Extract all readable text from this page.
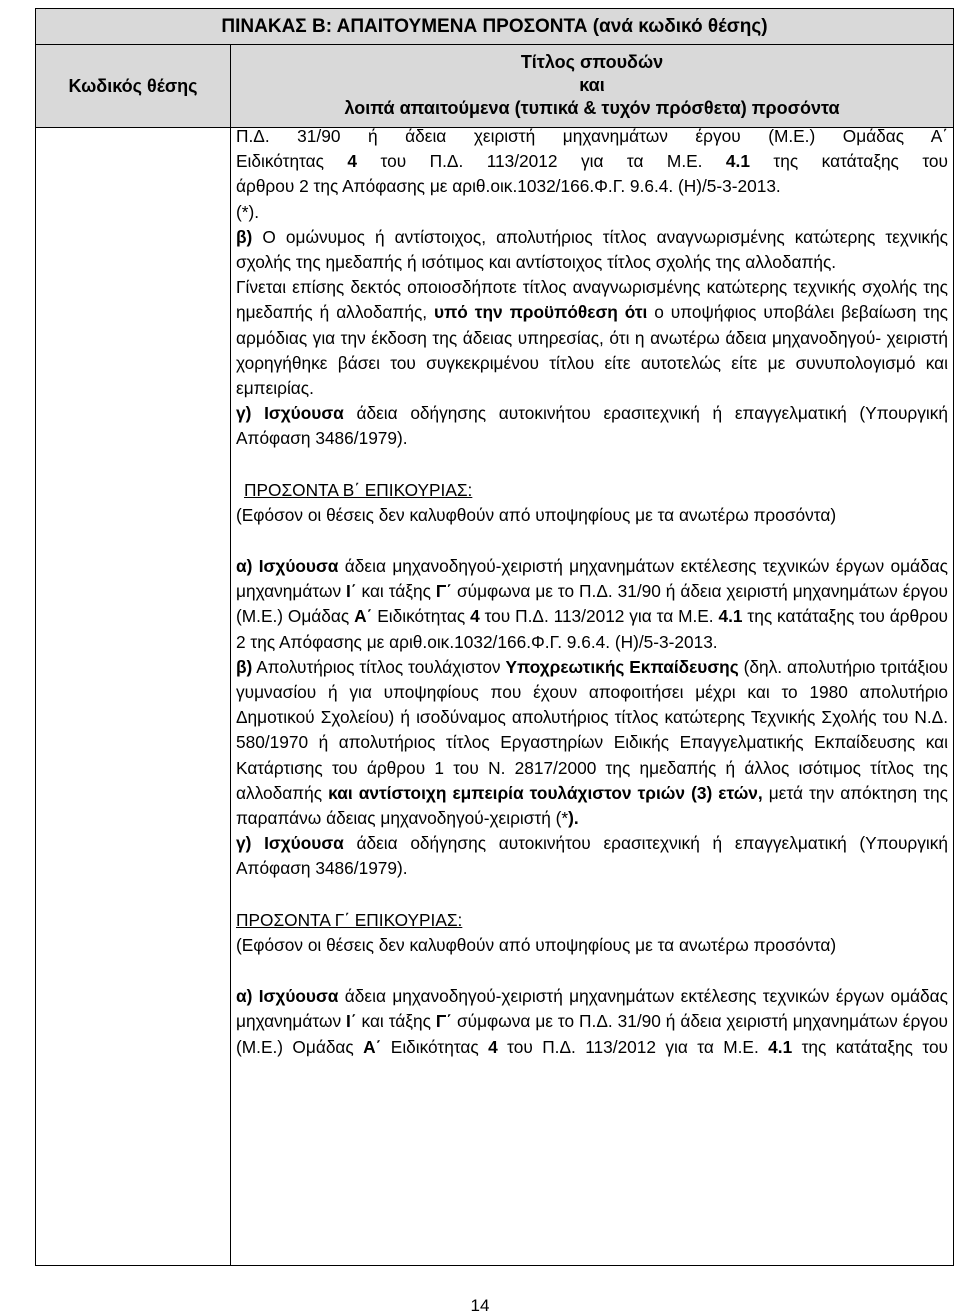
ΠΙΝΑΚΑΣ Β: ΑΠΑΙΤΟΥΜΕΝΑ ΠΡΟΣΟΝΤΑ (ανά κωδικό θέσης)
Κωδικός θέσης
Τίτλος σπουδών
και
λοιπά απαιτούμενα (τυπικά & τυχόν πρόσθετα) προσόντα

Π.Δ. 31/90 ή άδεια χειριστή μηχανημάτων έργου (Μ.Ε.) Ομάδας Α΄

Ειδικότητας 4 του Π.Δ. 113/2012 για τα Μ.Ε. 4.1 της κατάταξης του

άρθρου 2 της Απόφασης με αριθ.οικ.1032/166.Φ.Γ. 9.6.4. (Η)/5-3-2013.

(*).

β) Ο ομώνυμος ή αντίστοιχος, απολυτήριος τίτλος αναγνωρισμένης κατώτερης τεχνικής σχολής της ημεδαπής ή ισότιμος και αντίστοιχος τίτλος σχολής της αλλοδαπής.

Γίνεται επίσης δεκτός οποιοσδήποτε τίτλος αναγνωρισμένης κατώτερης τεχνικής σχολής της ημεδαπής ή αλλοδαπής, υπό την προϋπόθεση ότι ο υποψήφιος υποβάλει βεβαίωση της αρμόδιας για την έκδοση της άδειας υπηρεσίας, ότι η ανωτέρω άδεια μηχανοδηγού- χειριστή χορηγήθηκε βάσει του συγκεκριμένου τίτλου είτε αυτοτελώς είτε με συνυπολογισμό και εμπειρίας.

γ) Ισχύουσα άδεια οδήγησης αυτοκινήτου ερασιτεχνική ή επαγγελματική (Υπουργική Απόφαση 3486/1979).

ΠΡΟΣΟΝΤΑ Β΄ ΕΠΙΚΟΥΡΙΑΣ:

(Εφόσον οι θέσεις δεν καλυφθούν από υποψηφίους με τα ανωτέρω προσόντα)

α) Ισχύουσα άδεια μηχανοδηγού-χειριστή μηχανημάτων εκτέλεσης τεχνικών έργων ομάδας μηχανημάτων Ι΄ και τάξης Γ΄ σύμφωνα με το Π.Δ. 31/90 ή άδεια χειριστή μηχανημάτων έργου (Μ.Ε.) Ομάδας Α΄ Ειδικότητας 4 του Π.Δ. 113/2012 για τα Μ.Ε. 4.1 της κατάταξης του άρθρου 2 της Απόφασης με αριθ.οικ.1032/166.Φ.Γ. 9.6.4. (Η)/5-3-2013.

β) Απολυτήριος τίτλος τουλάχιστον Υποχρεωτικής Εκπαίδευσης (δηλ. απολυτήριο τριτάξιου γυμνασίου ή για υποψηφίους που έχουν αποφοιτήσει μέχρι και το 1980 απολυτήριο Δημοτικού Σχολείου) ή ισοδύναμος απολυτήριος τίτλος κατώτερης Τεχνικής Σχολής του Ν.Δ. 580/1970 ή απολυτήριος τίτλος Εργαστηρίων Ειδικής Επαγγελματικής Εκπαίδευσης και Κατάρτισης του άρθρου 1 του Ν. 2817/2000 της ημεδαπής ή άλλος ισότιμος τίτλος της αλλοδαπής και αντίστοιχη εμπειρία τουλάχιστον τριών (3) ετών, μετά την απόκτηση της παραπάνω άδειας μηχανοδηγού-χειριστή (*).

γ) Ισχύουσα άδεια οδήγησης αυτοκινήτου ερασιτεχνική ή επαγγελματική (Υπουργική Απόφαση 3486/1979).

ΠΡΟΣΟΝΤΑ Γ΄ ΕΠΙΚΟΥΡΙΑΣ:

(Εφόσον οι θέσεις δεν καλυφθούν από υποψηφίους με τα ανωτέρω προσόντα)

α) Ισχύουσα άδεια μηχανοδηγού-χειριστή μηχανημάτων εκτέλεσης τεχνικών έργων ομάδας μηχανημάτων Ι΄ και τάξης Γ΄ σύμφωνα με το Π.Δ. 31/90 ή άδεια χειριστή μηχανημάτων έργου (Μ.Ε.) Ομάδας Α΄ Ειδικότητας 4 του Π.Δ. 113/2012 για τα Μ.Ε. 4.1 της κατάταξης του

14
